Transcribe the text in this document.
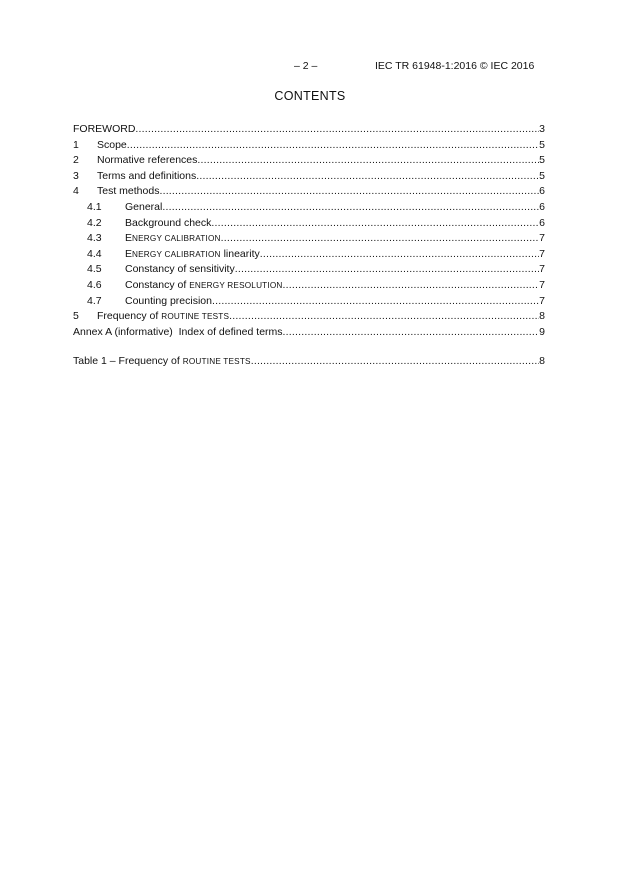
– 2 –	IEC TR 61948-1:2016 © IEC 2016
CONTENTS
FOREWORD .....	3
1	Scope .....	5
2	Normative references .....	5
3	Terms and definitions .....	5
4	Test methods .....	6
4.1	General .....	6
4.2	Background check .....	6
4.3	ENERGY CALIBRATION .....	7
4.4	ENERGY CALIBRATION linearity .....	7
4.5	Constancy of sensitivity .....	7
4.6	Constancy of ENERGY RESOLUTION .....	7
4.7	Counting precision .....	7
5	Frequency of ROUTINE TESTS .....	8
Annex A (informative)  Index of defined terms .....	9
Table 1 – Frequency of ROUTINE TESTS .....	8
